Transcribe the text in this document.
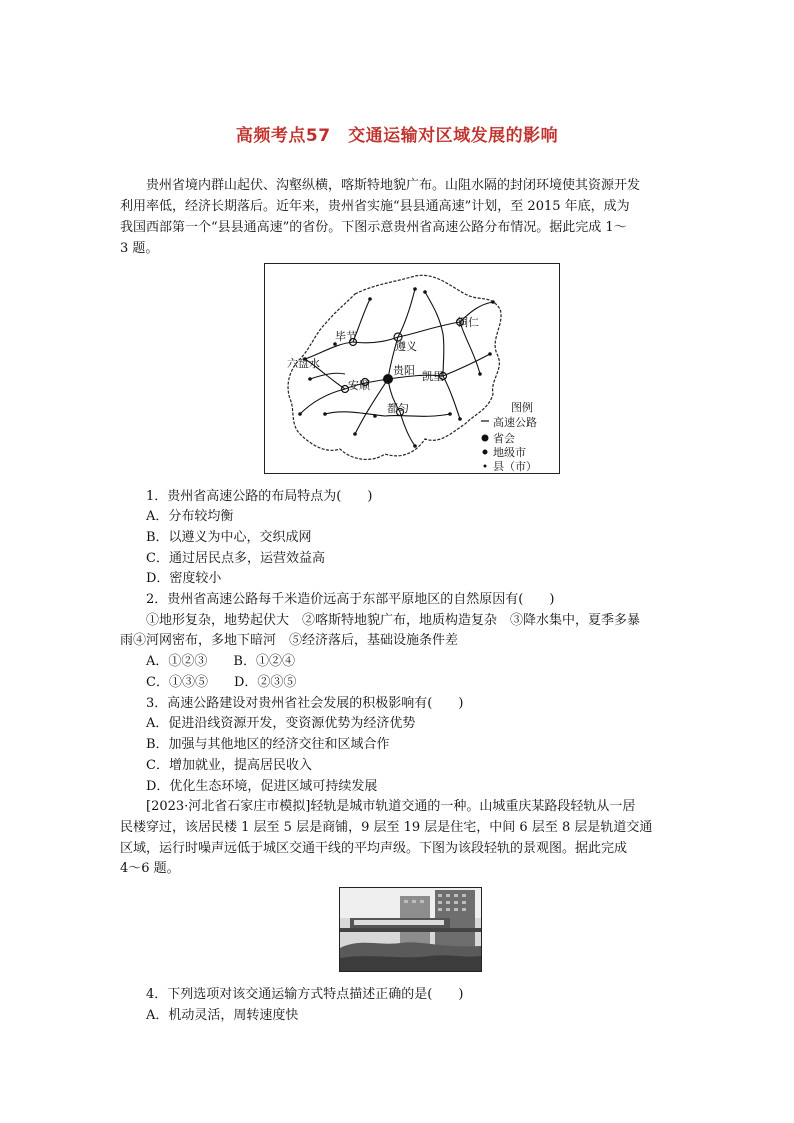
高频考点57　交通运输对区域发展的影响
贵州省境内群山起伏、沟壑纵横，喀斯特地貌广布。山阻水隔的封闭环境使其资源开发
利用率低，经济长期落后。近年来，贵州省实施“县县通高速”计划，至 2015 年底，成为
我国西部第一个“县县通高速”的省份。下图示意贵州省高速公路分布情况。据此完成 1～
3 题。
铜仁
毕节
遵义
六盘水
贵阳 凯里
安顺
都匀	图例
高速公路
省会
地级市
县（市）
1．贵州省高速公路的布局特点为(　　)
A．分布较均衡
B．以遵义为中心，交织成网
C．通过居民点多，运营效益高
D．密度较小
2．贵州省高速公路每千米造价远高于东部平原地区的自然原因有(　　)
①地形复杂，地势起伏大　②喀斯特地貌广布，地质构造复杂　③降水集中，夏季多暴
雨④河网密布，多地下暗河　⑤经济落后，基础设施条件差
A．①②③　　B．①②④
C．①③⑤　　D．②③⑤
3．高速公路建设对贵州省社会发展的积极影响有(　　)
A．促进沿线资源开发，变资源优势为经济优势
B．加强与其他地区的经济交往和区域合作
C．增加就业，提高居民收入
D．优化生态环境，促进区域可持续发展
[2023·河北省石家庄市模拟]轻轨是城市轨道交通的一种。山城重庆某路段轻轨从一居
民楼穿过，该居民楼 1 层至 5 层是商铺，9 层至 19 层是住宅，中间 6 层至 8 层是轨道交通
区域，运行时噪声远低于城区交通干线的平均声级。下图为该段轻轨的景观图。据此完成
4～6 题。
4．下列选项对该交通运输方式特点描述正确的是(　　)
A．机动灵活，周转速度快
